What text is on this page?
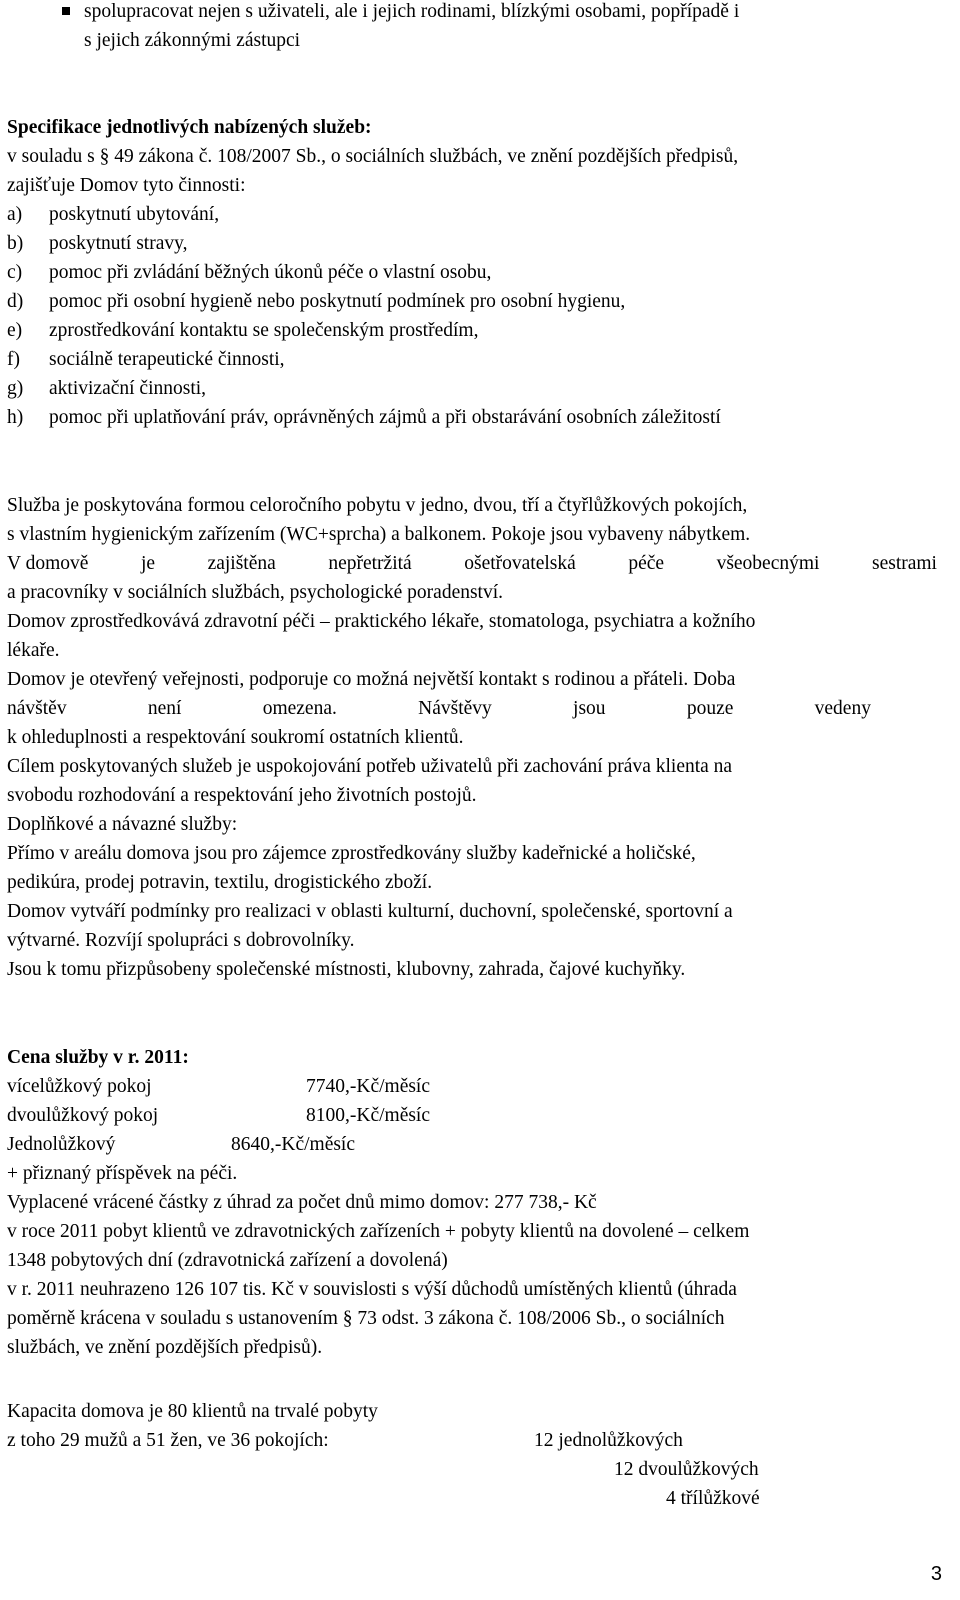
spolupracovat nejen s uživateli, ale i jejich rodinami, blízkými osobami, popřípadě i
s jejich zákonnými zástupci
Specifikace jednotlivých nabízených služeb:
v souladu s § 49 zákona č. 108/2007 Sb., o sociálních službách, ve znění pozdějších předpisů,
zajišťuje Domov tyto činnosti:
a) poskytnutí ubytování,
b) poskytnutí stravy,
c) pomoc při zvládání běžných úkonů péče o vlastní osobu,
d) pomoc při osobní hygieně nebo poskytnutí podmínek pro osobní hygienu,
e) zprostředkování kontaktu se společenským prostředím,
f) sociálně terapeutické činnosti,
g) aktivizační činnosti,
h) pomoc při uplatňování práv, oprávněných zájmů a při obstarávání osobních záležitostí
Služba je poskytována formou celoročního pobytu v jedno, dvou, tří a čtyřlůžkových pokojích,
s vlastním hygienickým zařízením (WC+sprcha) a balkonem. Pokoje jsou vybaveny nábytkem.
V domově	je	zajištěna	nepřetržitá	ošetřovatelská	péče	všeobecnými	sestrami
a pracovníky v sociálních službách, psychologické poradenství.
Domov zprostředkovává zdravotní péči – praktického lékaře, stomatologa, psychiatra a kožního
lékaře.
Domov je otevřený veřejnosti, podporuje co možná největší kontakt s rodinou a přáteli. Doba
návštěv	není	omezena.	Návštěvy	jsou	pouze	vedeny
k ohleduplnosti a respektování soukromí ostatních klientů.
Cílem poskytovaných služeb je uspokojování potřeb uživatelů při zachování práva klienta na
svobodu rozhodování a respektování jeho životních postojů.
Doplňkové a návazné služby:
Přímo v areálu domova jsou pro zájemce zprostředkovány služby kadeřnické a holičské,
pedikúra, prodej potravin, textilu, drogistického zboží.
Domov vytváří podmínky pro realizaci v oblasti kulturní, duchovní, společenské, sportovní a
výtvarné. Rozvíjí spolupráci s dobrovolníky.
Jsou k tomu přizpůsobeny společenské místnosti, klubovny, zahrada, čajové kuchyňky.
Cena služby v r. 2011:
vícelůžkový pokoj	7740,-Kč/měsíc
dvoulůžkový pokoj	8100,-Kč/měsíc
Jednolůžkový	8640,-Kč/měsíc
+ přiznaný příspěvek na péči.
Vyplacené vrácené částky z úhrad za počet dnů mimo domov: 277 738,- Kč
v roce 2011 pobyt klientů ve zdravotnických zařízeních + pobyty klientů na dovolené – celkem
1348 pobytových dní (zdravotnická zařízení a dovolená)
v r. 2011 neuhrazeno 126 107 tis. Kč v souvislosti s výší důchodů umístěných klientů (úhrada
poměrně krácena v souladu s ustanovením § 73 odst. 3 zákona č. 108/2006 Sb., o sociálních
službách, ve znění pozdějších předpisů).
Kapacita domova je 80 klientů na trvalé pobyty
z toho 29 mužů a 51 žen, ve 36 pokojích:	12 jednolůžkových
12 dvoulůžkových
4 třílůžkové
3
